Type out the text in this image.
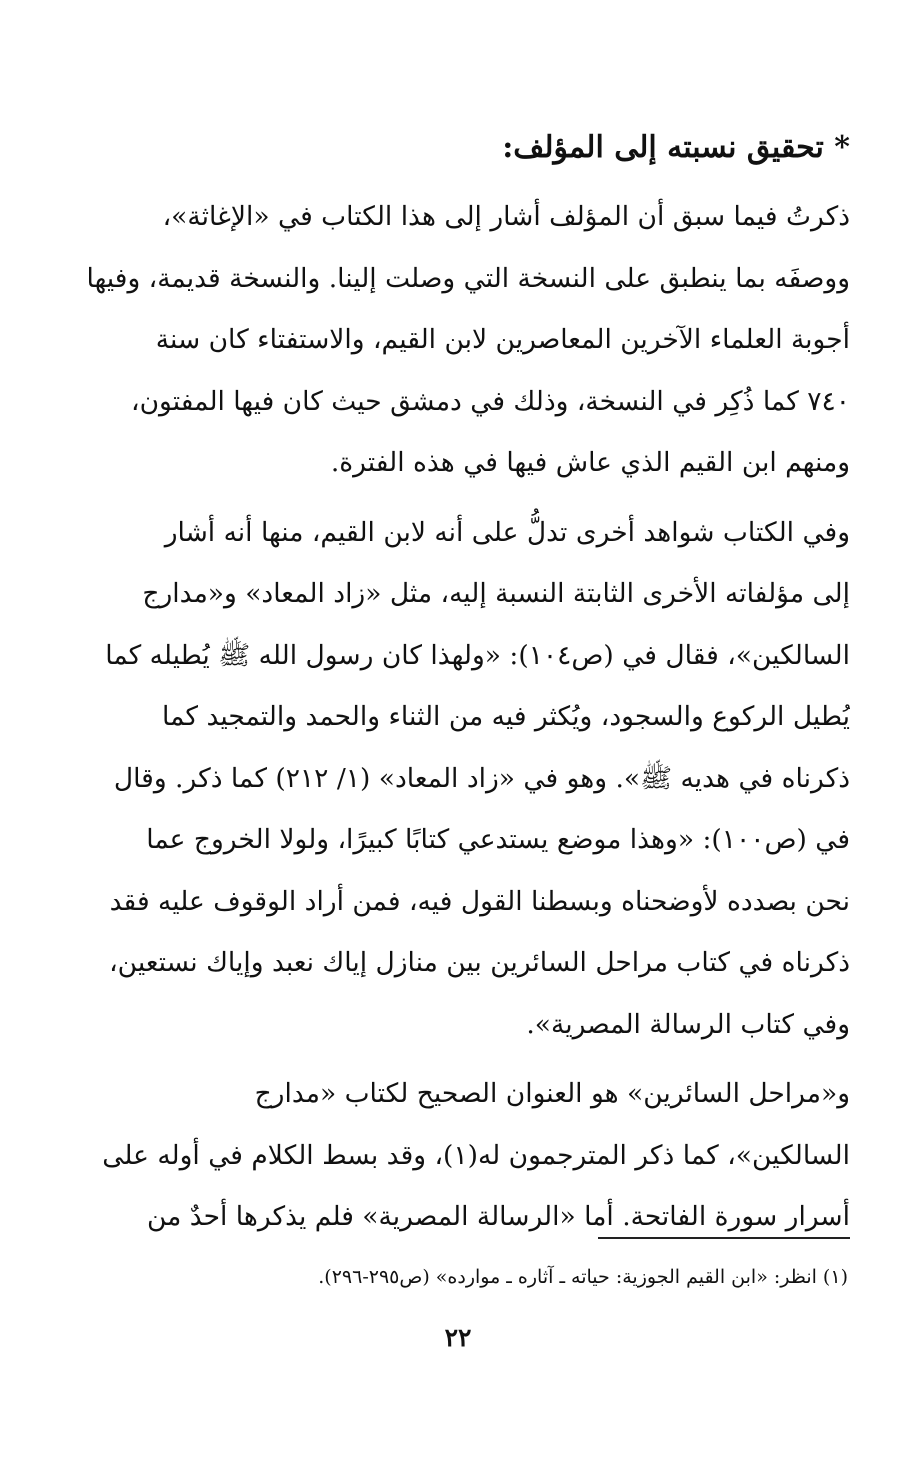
* تحقيق نسبته إلى المؤلف:

ذكرتُ فيما سبق أن المؤلف أشار إلى هذا الكتاب في «الإغاثة»،
ووصفَه بما ينطبق على النسخة التي وصلت إلينا. والنسخة قديمة، وفيها
أجوبة العلماء الآخرين المعاصرين لابن القيم، والاستفتاء كان سنة
٧٤٠ كما ذُكِر في النسخة، وذلك في دمشق حيث كان فيها المفتون،
ومنهم ابن القيم الذي عاش فيها في هذه الفترة.

وفي الكتاب شواهد أخرى تدلُّ على أنه لابن القيم، منها أنه أشار
إلى مؤلفاته الأخرى الثابتة النسبة إليه، مثل «زاد المعاد» و«مدارج
السالكين»، فقال في (ص١٠٤): «ولهذا كان رسول الله ﷺ يُطيله كما
يُطيل الركوع والسجود، ويُكثر فيه من الثناء والحمد والتمجيد كما
ذكرناه في هديه ﷺ». وهو في «زاد المعاد» (١/ ٢١٢) كما ذكر. وقال
في (ص١٠٠): «وهذا موضع يستدعي كتابًا كبيرًا، ولولا الخروج عما
نحن بصدده لأوضحناه وبسطنا القول فيه، فمن أراد الوقوف عليه فقد
ذكرناه في كتاب مراحل السائرين بين منازل إياك نعبد وإياك نستعين،
وفي كتاب الرسالة المصرية».

و«مراحل السائرين» هو العنوان الصحيح لكتاب «مدارج
السالكين»، كما ذكر المترجمون له(١)، وقد بسط الكلام في أوله على
أسرار سورة الفاتحة. أما «الرسالة المصرية» فلم يذكرها أحدٌ من

(١) انظر: «ابن القيم الجوزية: حياته ـ آثاره ـ موارده» (ص٢٩٥-٢٩٦).
٢٢
